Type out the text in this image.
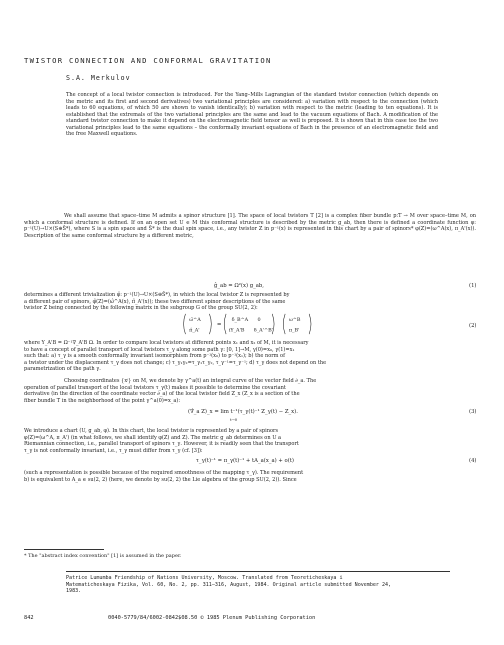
TWISTOR CONNECTION AND CONFORMAL GRAVITATION
S.A. Merkulov
The concept of a local twistor connection is introduced. For the Yang–Mills Lagrangian of the standard twistor connection (which depends on the metric and its first and second derivatives) two variational principles are considered: a) variation with respect to the connection (which leads to 60 equations, of which 50 are shown to vanish identically); b) variation with respect to the metric (leading to ten equations). It is established that the extremals of the two variational principles are the same and lead to the vacuum equations of Bach. A modification of the standard twistor connection to make it depend on the electromagnetic field tensor as well is proposed. It is shown that in this case too the two variational principles lead to the same equations – the conformally invariant equations of Bach in the presence of an electromagnetic field and the free Maxwell equations.
We shall assume that space–time M admits a spinor structure [1]. The space of local twistors T [2] is a complex fiber bundle p:T → M over space–time M, on which a conformal structure is defined. If on an open set U ∈ M this conformal structure is described by the metric g_ab, then there is defined a coordinate function φ: p⁻¹(U)→U×(S⊕S̄*), where S is a spin space and S̄* is the dual spin space, i.e., any twistor Z in p⁻¹(x) is represented in this chart by a pair of spinors* φ(Z)=(ω^A(x), π_A'(x)). Description of the same conformal structure by a different metric,
ĝ_ab = Ω²(x) g_ab,	(1)
determines a different trivialization φ̂: p⁻¹(U)→U×(S⊕S̄*), in which the local twistor Z is represented by
a different pair of spinors, φ̂(Z)=(ω̂^A(x), π̂_A'(x)); these two different spinor descriptions of the same
twistor Z being connected by the following matrix in the subgroup G of the group SU(2, 2):
=
ω̂^A
π̂_A'
δ_B^A 0
iΥ_A'B δ_A'^B'
ω^B
π_B'
(2)
where Υ_A'B = Ω⁻¹∇_A'B Ω. In order to compare local twistors at different points x₁ and x₂ of M, it is necessary
to have a concept of parallel transport of local twistors τ_γ along some path γ: [0, 1]→M, γ(0)=x₀, γ(1)=x₁
such that: a) τ_γ is a smooth conformally invariant isomorphism from p⁻¹(x₀) to p⁻¹(x₁); b) the norm of
a twistor under the displacement τ_γ does not change; c) τ_γ₁γ₂=τ_γ₁τ_γ₂, τ_γ⁻¹=τ_γ⁻¹; d) τ_γ does not depend on the
parametrization of the path γ.
Choosing coordinates {xⁱ} on M, we denote by γ^a(t) an integral curve of the vector field ∂_a. The
operation of parallel transport of the local twistors τ_γ(t) makes it possible to determine the covariant
derivative (in the direction of the coordinate vector ∂_a) of the local twistor field Z_x (Z_x is a section of the
fiber bundle T in the neighborhood of the point γ^a(0)=x_a):
(∇̂_a Z)_x = lim t⁻¹(τ_γ(t)⁻¹ Z_γ(t) − Z_x).
t→0
(3)
We introduce a chart (U, g_ab, φ). In this chart, the local twistor is represented by a pair of spinors
φ(Z)=(ω^A, π_A') (in what follows, we shall identify φ(Z) and Z). The metric g_ab determines on U a
Riemannian connection, i.e., parallel transport of spinors τ_γ. However, it is readily seen that the transport
τ_γ is not conformally invariant, i.e., τ_γ must differ from τ_γ (cf. [3]):
τ_γ(t)⁻¹ = π_γ(t)⁻¹ + tA_a(x_a) + o(t)	(4)
(such a representation is possible because of the required smoothness of the mapping τ_γ). The requirement
b) is equivalent to A_a ∈ su(2, 2) (here, we denote by su(2, 2) the Lie algebra of the group SU(2, 2)). Since
* The "abstract index convention" [1] is assumed in the paper.
Patrice Lumumba Friendship of Nations University, Moscow. Translated from Teoreticheskaya i
Matematicheskaya Fizika, Vol. 60, No. 2, pp. 311–316, August, 1984. Original article submitted November 24,
1983.
842	0040-5779/84/6002-0842$08.50 © 1985 Plenum Publishing Corporation
